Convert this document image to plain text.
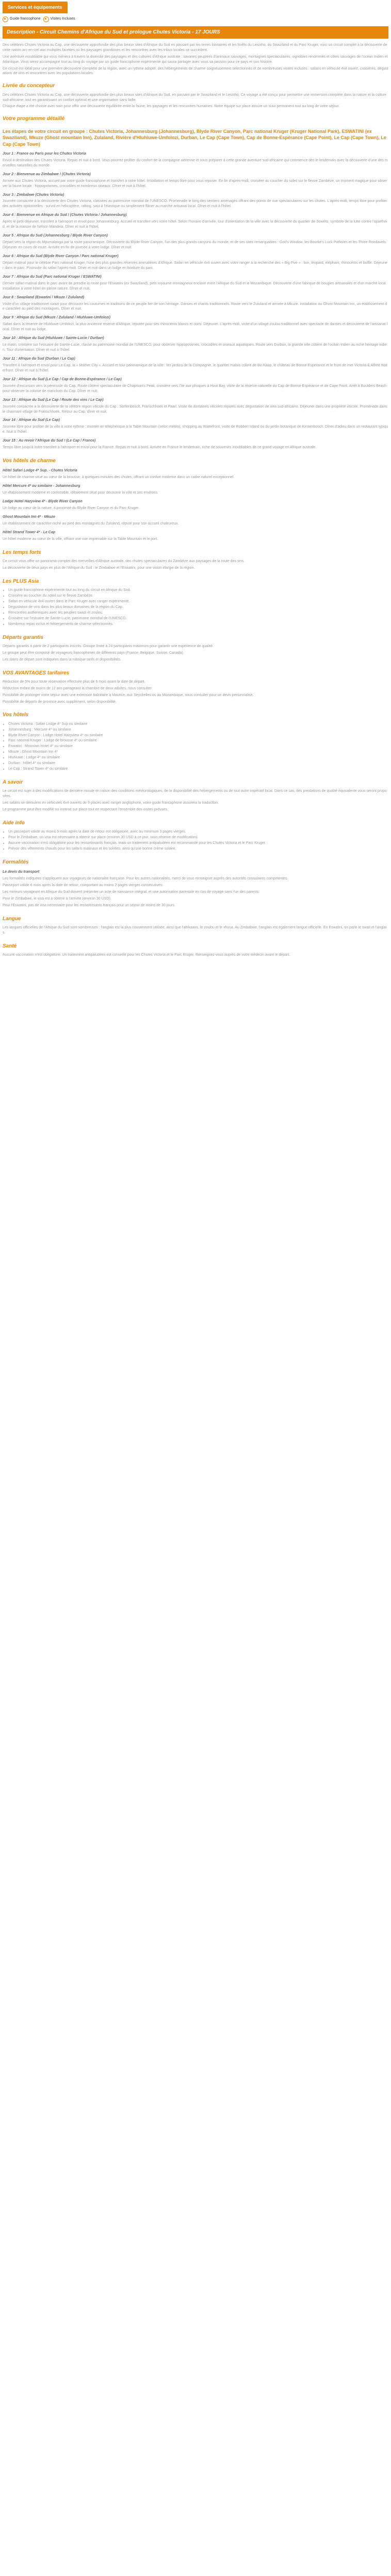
Services et équipements
Guide francophone	Visites Incluses
Description - Circuit Chemins d'Afrique du Sud et prologue Chutes Victoria - 17 JOURS

Des célèbres Chutes Victoria au Cap, une découverte approfondie des plus beaux sites d'Afrique du Sud en passant par les terres lointaines et les forêts du Lesotho, du Swaziland et du Parc Kruger, voici un circuit complet à la découverte de cette nation arc-en-ciel aux multiples facettes où les paysages grandioses et les rencontres avec les tribus locales se succèdent.

Une aventure inoubliable qui vous mènera à travers la diversité des paysages et des cultures d'Afrique australe : savanes peuplées d'animaux sauvages, montagnes spectaculaires, vignobles renommés et côtes sauvages de l'océan Indien et Atlantique. Vous serez accompagné tout au long du voyage par un guide francophone expérimenté qui saura partager avec vous sa passion pour ce pays et son histoire.

Ce circuit est idéal pour une première découverte complète de la région, avec un rythme adapté, des hébergements de charme soigneusement sélectionnés et de nombreuses visites incluses : safaris en véhicule 4x4 ouvert, croisières, dégustations de vins et rencontres avec les populations locales.

Livrée du concepteur

Des célèbres Chutes Victoria au Cap, une découverte approfondie des plus beaux sites d'Afrique du Sud, en passant par le Swaziland et le Lesotho. Ce voyage a été conçu pour permettre une immersion complète dans la nature et la culture sud-africaine, tout en garantissant un confort optimal et une organisation sans faille.

Chaque étape a été choisie avec soin pour offrir une découverte équilibrée entre la faune, les paysages et les rencontres humaines. Notre équipe sur place assure un suivi permanent tout au long de votre séjour.

Votre programme détaillé
Les étapes de votre circuit en groupe : Chutes Victoria, Johannesburg (Johannesburg), Blyde River Canyon, Parc national Kruger (Kruger National Park), ESWATINI (ex Swaziland), Mkuze (Ghost mountain Inn), Zulaland, Rivière d'Hluhluwe-Umfolozi, Durban, Le Cap (Cape Town), Cap de Bonne-Espérance (Cape Point), Le Cap (Cape Town), Le Cap (Cape Town)
Jour 1 : France ou Paris pour les Chutes Victoria

Envol à destination des Chutes Victoria. Repas et nuit à bord. Vous pourrez profiter du confort de la compagnie aérienne et vous préparer à cette grande aventure sud-africaine qui commence dès le lendemain avec la découverte d'une des merveilles naturelles du monde.

Jour 2 : Bienvenue au Zimbabwe ! (Chutes Victoria)

Arrivée aux Chutes Victoria, accueil par votre guide francophone et transfert à votre hôtel. Installation et temps libre pour vous reposer. En fin d'après-midi, croisière au coucher du soleil sur le fleuve Zambèze, un moment magique pour observer la faune locale : hippopotames, crocodiles et nombreux oiseaux. Dîner et nuit à l'hôtel.

Jour 3 : Zimbabwe (Chutes Victoria)

Journée consacrée à la découverte des Chutes Victoria, classées au patrimoine mondial de l'UNESCO. Promenade le long des sentiers aménagés offrant des points de vue spectaculaires sur les chutes. L'après-midi, temps libre pour profiter des activités optionnelles : survol en hélicoptère, rafting, saut à l'élastique ou simplement flâner au marché artisanal local. Dîner et nuit à l'hôtel.

Jour 4 : Bienvenue en Afrique du Sud ! (Chutes Victoria / Johannesburg)

Après le petit-déjeuner, transfert à l'aéroport et envol pour Johannesburg. Accueil et transfert vers votre hôtel. Selon l'horaire d'arrivée, tour d'orientation de la ville avec la découverte du quartier de Soweto, symbole de la lutte contre l'apartheid, et de la maison de Nelson Mandela. Dîner et nuit à l'hôtel.

Jour 5 : Afrique du Sud (Johannesburg / Blyde River Canyon)

Départ vers la région du Mpumalanga par la route panoramique. Découverte du Blyde River Canyon, l'un des plus grands canyons du monde, et de ses sites remarquables : God's Window, les Bourke's Luck Potholes et les Three Rondavels. Déjeuner en cours de route. Arrivée en fin de journée à votre lodge. Dîner et nuit.

Jour 6 : Afrique du Sud (Blyde River Canyon / Parc national Kruger)

Départ matinal pour le célèbre Parc national Kruger, l'une des plus grandes réserves animalières d'Afrique. Safari en véhicule 4x4 ouvert avec votre ranger à la recherche des « Big Five » : lion, léopard, éléphant, rhinocéros et buffle. Déjeuner dans le parc. Poursuite du safari l'après-midi. Dîner et nuit dans un lodge en bordure du parc.

Jour 7 : Afrique du Sud (Parc national Kruger / ESWATINI)

Dernier safari matinal dans le parc avant de prendre la route pour l'Eswatini (ex Swaziland), petit royaume montagneux enclavé entre l'Afrique du Sud et le Mozambique. Découverte d'une fabrique de bougies artisanales et d'un marché local. Installation à votre hôtel en pleine nature. Dîner et nuit.

Jour 8 : Swaziland (Eswatini / Mkuze / Zululand)

Visite d'un village traditionnel swazi pour découvrir les coutumes et traditions de ce peuple fier de son héritage. Danses et chants traditionnels. Route vers le Zululand et arrivée à Mkuze. Installation au Ghost Mountain Inn, un établissement de caractère au pied des montagnes. Dîner et nuit.

Jour 9 : Afrique du Sud (Mkuze / Zululand / Hluhluwe-Umfolozi)

Safari dans la réserve de Hluhluwe-Umfolozi, la plus ancienne réserve d'Afrique, réputée pour ses rhinocéros blancs et noirs. Déjeuner. L'après-midi, visite d'un village zoulou traditionnel avec spectacle de danses et découverte de l'artisanat local. Dîner et nuit au lodge.

Jour 10 : Afrique du Sud (Hluhluwe / Sainte-Lucie / Durban)

Le matin, croisière sur l'estuaire de Sainte-Lucie, classé au patrimoine mondial de l'UNESCO, pour observer hippopotames, crocodiles et oiseaux aquatiques. Route vers Durban, la grande ville côtière de l'océan Indien au riche héritage indien. Tour d'orientation. Dîner et nuit à l'hôtel.

Jour 11 : Afrique du Sud (Durban / Le Cap)

Transfert à l'aéroport et envol pour Le Cap, la « Mother City ». Accueil et tour panoramique de la ville : les jardins de la Compagnie, le quartier malais coloré de Bo-Kaap, le château de Bonne-Espérance et le front de mer Victoria & Alfred Waterfront. Dîner et nuit à l'hôtel.

Jour 12 : Afrique du Sud (Le Cap / Cap de Bonne-Espérance / Le Cap)

Journée d'excursion vers la péninsule du Cap. Route côtière spectaculaire de Chapman's Peak, croisière vers l'île aux phoques à Hout Bay, visite de la réserve naturelle du Cap de Bonne-Espérance et de Cape Point. Arrêt à Boulders Beach pour observer la colonie de manchots du Cap. Dîner et nuit.

Jour 13 : Afrique du Sud (Le Cap / Route des vins / Le Cap)

Journée consacrée à la découverte de la célèbre région viticole du Cap : Stellenbosch, Franschhoek et Paarl. Visite de domaines viticoles réputés avec dégustation de vins sud-africains. Déjeuner dans une propriété viticole. Promenade dans le charmant village de Franschhoek. Retour au Cap, dîner et nuit.

Jour 14 : Afrique du Sud (Le Cap)

Journée libre pour profiter de la ville à votre rythme : montée en téléphérique à la Table Mountain (selon météo), shopping au Waterfront, visite de Robben Island ou du jardin botanique de Kirstenbosch. Dîner d'adieu dans un restaurant typique. Nuit à l'hôtel.

Jour 15 : Au revoir l'Afrique du Sud ! (Le Cap / France)

Temps libre jusqu'à votre transfert à l'aéroport et envol pour la France. Repas et nuit à bord. Arrivée en France le lendemain, riche de souvenirs inoubliables de ce grand voyage en Afrique australe.

Vos hôtels de charme
Hôtel Safari Lodge 4* Sup. - Chutes Victoria

Un hôtel de charme situé au cœur de la brousse, à quelques minutes des chutes, offrant un confort moderne dans un cadre naturel exceptionnel.

Hôtel Mercure 4* ou similaire - Johannesburg

Un établissement moderne et confortable, idéalement situé pour découvrir la ville et ses environs.

Lodge Hotel Hazyview 4* - Blyde River Canyon

Un lodge au cœur de la nature, à proximité du Blyde River Canyon et du Parc Kruger.

Ghost Mountain Inn 4* - Mkuze

Un établissement de caractère niché au pied des montagnes du Zululand, réputé pour son accueil chaleureux.

Hôtel Strand Tower 4* - Le Cap

Un hôtel moderne au cœur de la ville, offrant une vue imprenable sur la Table Mountain et le port.

Les temps forts

Ce circuit vous offre un panorama complet des merveilles d'Afrique australe, des chutes spectaculaires du Zambèze aux paysages de la route des vins.

La découverte de deux pays en plus de l'Afrique du Sud : le Zimbabwe et l'Eswatini, pour une vision élargie de la région.

Les PLUS Asia
• Un guide francophone expérimenté tout au long du circuit en Afrique du Sud.
• Croisière au coucher du soleil sur le fleuve Zambèze.
• Safari en véhicule 4x4 ouvert dans le Parc Kruger avec ranger expérimenté.
• Dégustation de vins dans les plus beaux domaines de la région du Cap.
• Rencontres authentiques avec les peuples swazi et zoulou.
• Croisière sur l'estuaire de Sainte-Lucie, patrimoine mondial de l'UNESCO.
• Nombreux repas inclus et hébergements de charme sélectionnés.
Départs garantis

Départs garantis à partir de 2 participants inscrits. Groupe limité à 24 participants maximum pour garantir une expérience de qualité.

Le groupe peut être composé de voyageurs francophones de différents pays (France, Belgique, Suisse, Canada).

Les dates de départ sont indiquées dans la rubrique tarifs et disponibilités.

VOS AVANTAGES tarifaires

Réduction de 5% pour toute réservation effectuée plus de 6 mois avant la date de départ.

Réduction enfant de moins de 12 ans partageant la chambre de deux adultes, nous consulter.

Possibilité de prolonger votre séjour avec une extension balnéaire à Maurice, aux Seychelles ou au Mozambique, nous consulter pour un devis personnalisé.

Possibilité de départs de province avec supplément, selon disponibilité.

Vos hôtels
• Chutes Victoria : Safari Lodge 4* Sup ou similaire
• Johannesburg : Mercure 4* ou similaire
• Blyde River Canyon : Lodge Hotel Hazyview 4* ou similaire
• Parc national Kruger : Lodge de brousse 4* ou similaire
• Eswatini : Mountain Hotel 4* ou similaire
• Mkuze : Ghost Mountain Inn 4*
• Hluhluwe : Lodge 4* ou similaire
• Durban : Hôtel 4* ou similaire
• Le Cap : Strand Tower 4* ou similaire
A savoir

Le circuit est sujet à des modifications de dernière minute en raison des conditions météorologiques, de la disponibilité des hébergements ou de tout autre impératif local. Dans ce cas, des prestations de qualité équivalente vous seront proposées.

Les safaris se déroulent en véhicules 4x4 ouverts de 9 places avec ranger anglophone, votre guide francophone assurera la traduction.

Le programme peut être modifié ou inversé sur place tout en respectant l'ensemble des visites prévues.

Aide info
• Un passeport valide au moins 6 mois après la date de retour est obligatoire, avec au minimum 3 pages vierges.
• Pour le Zimbabwe, un visa est nécessaire à obtenir sur place (environ 30 USD à ce jour, sous réserve de modification).
• Aucune vaccination n'est obligatoire pour les ressortissants français, mais un traitement antipaludéen est recommandé pour les Chutes Victoria et le Parc Kruger.
• Prévoir des vêtements chauds pour les safaris matinaux et les soirées, ainsi qu'une bonne crème solaire.
Formalités
Le devis du transport

Les formalités indiquées s'appliquent aux voyageurs de nationalité française. Pour les autres nationalités, merci de vous renseigner auprès des autorités consulaires compétentes.

Passeport valide 6 mois après la date de retour, comportant au moins 2 pages vierges consécutives.

Les mineurs voyageant en Afrique du Sud doivent présenter un acte de naissance intégral, et une autorisation parentale en cas de voyage sans l'un des parents.

Pour le Zimbabwe, le visa est à obtenir à l'arrivée (environ 30 USD).

Pour l'Eswatini, pas de visa nécessaire pour les ressortissants français pour un séjour de moins de 30 jours.

Langue

Les langues officielles de l'Afrique du Sud sont nombreuses : l'anglais est la plus couramment utilisée, ainsi que l'afrikaans, le zoulou et le xhosa. Au Zimbabwe, l'anglais est également langue officielle. En Eswatini, on parle le swati et l'anglais.

Santé

Aucune vaccination n'est obligatoire. Un traitement antipaludéen est conseillé pour les Chutes Victoria et le Parc Kruger. Renseignez-vous auprès de votre médecin avant le départ.
